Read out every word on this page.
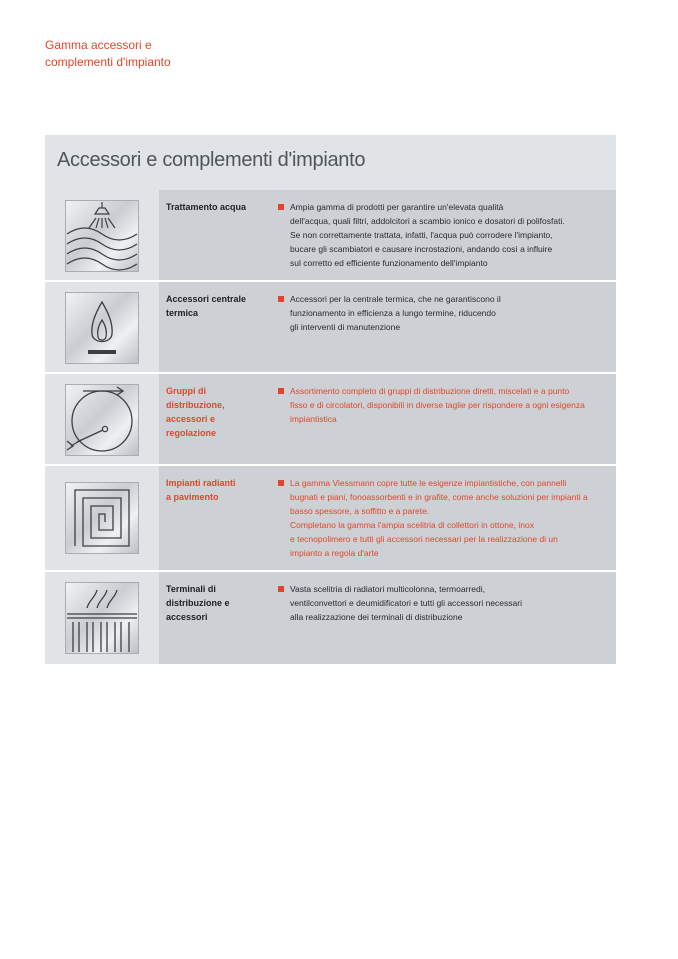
Gamma accessori e
complementi d'impianto
Accessori e complementi d'impianto
Trattamento acqua	Ampia gamma di prodotti per garantire un'elevata qualità
dell'acqua, quali filtri, addolcitori a scambio ionico e dosatori di polifosfati.
Se non correttamente trattata, infatti, l'acqua può corrodere l'impianto,
bucare gli scambiatori e causare incrostazioni, andando così a influire
sul corretto ed efficiente funzionamento dell'impianto
Accessori centrale
termica
Accessori per la centrale termica, che ne garantiscono il
funzionamento in efficienza a lungo termine, riducendo
gli interventi di manutenzione
Gruppi di
distribuzione,
accessori e
regolazione
Assortimento completo di gruppi di distribuzione diretti, miscelati e a punto
fisso e di circolatori, disponibili in diverse taglie per rispondere a ogni esigenza
impiantistica
Impianti radianti
a pavimento
La gamma Viessmann copre tutte le esigenze impiantistiche, con pannelli
bugnati e piani, fonoassorbenti e in grafite, come anche soluzioni per impianti a
basso spessore, a soffitto e a parete.
Completano la gamma l'ampia scelitria di collettori in ottone, inox
e tecnopolimero e tutti gli accessori necessari per la realizzazione di un
impianto a regola d'arte
Terminali di
distribuzione e
accessori
Vasta scelitria di radiatori multicolonna, termoarredi,
ventilconvettori e deumidificatori e tutti gli accessori necessari
alla realizzazione dei terminali di distribuzione
